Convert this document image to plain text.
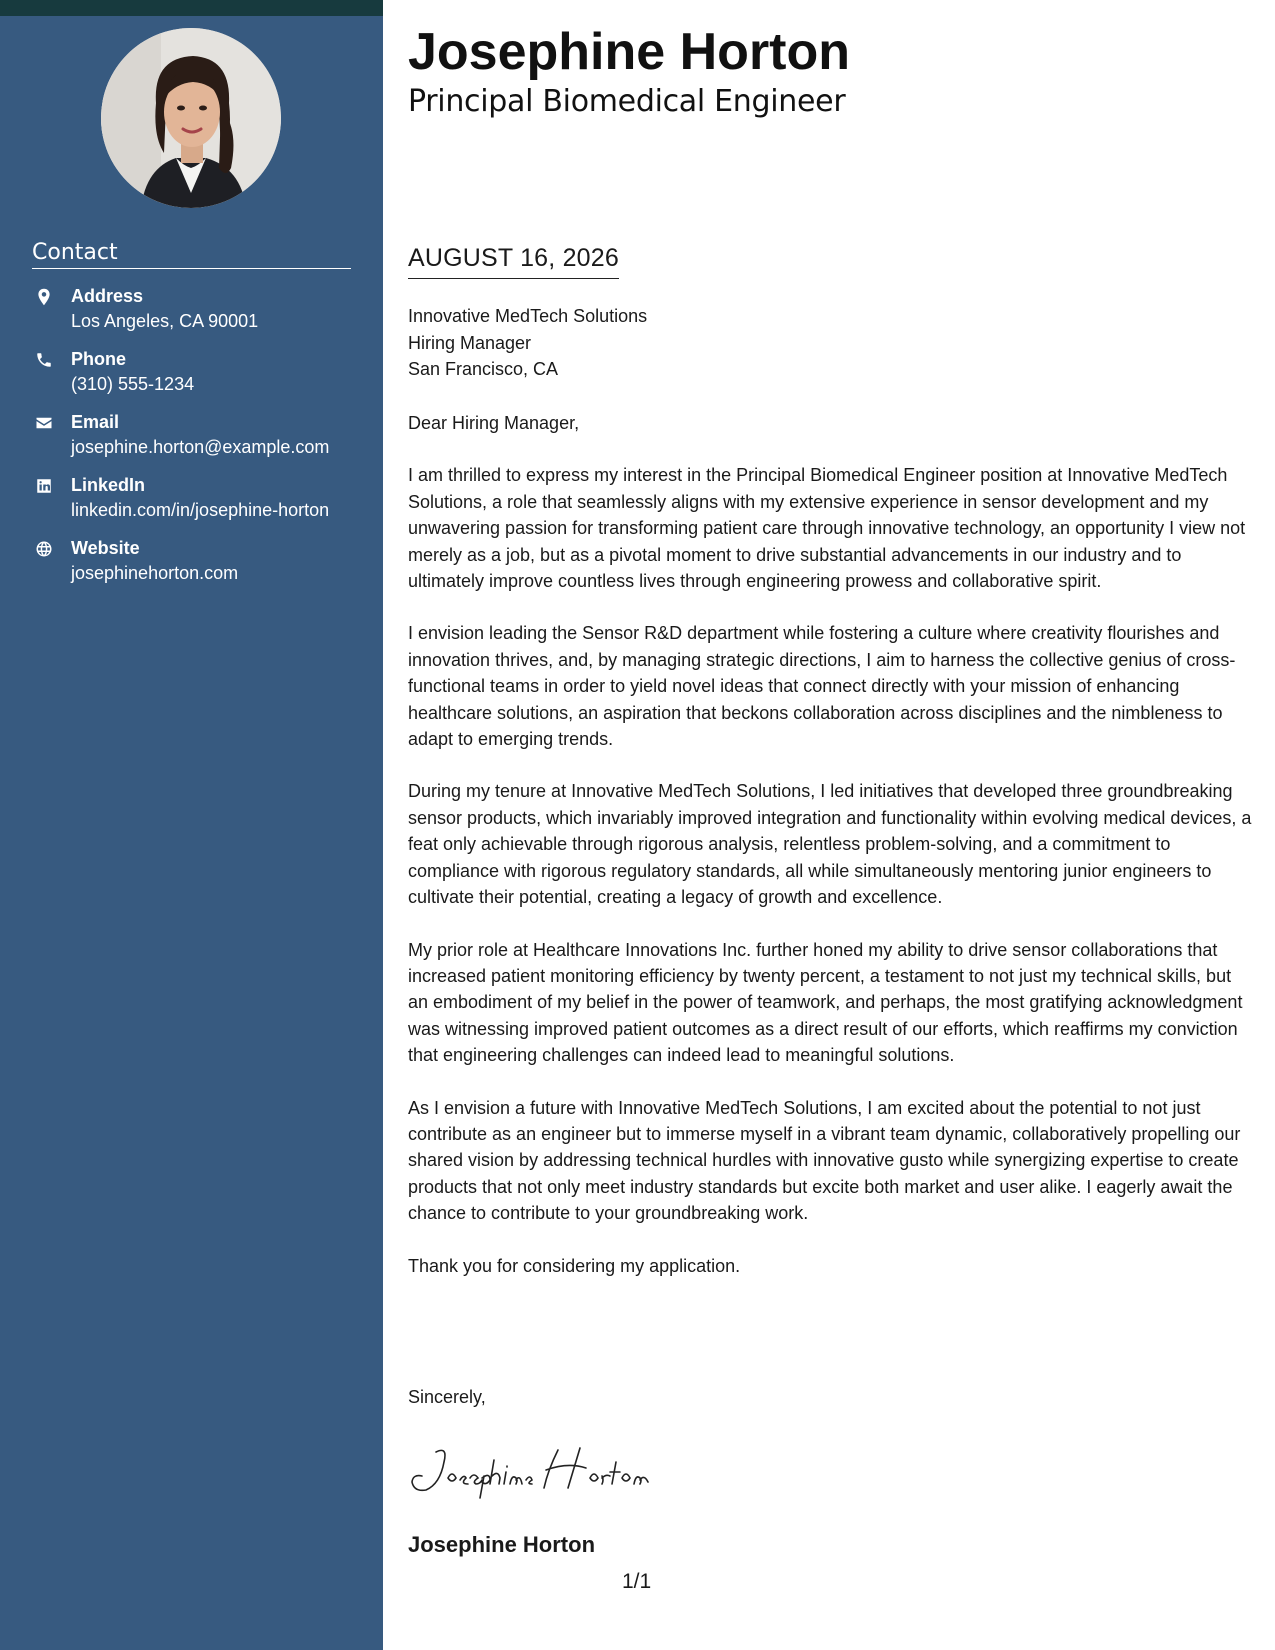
Contact
Address
Los Angeles, CA 90001
Phone
(310) 555-1234
Email
josephine.horton@example.com
LinkedIn
linkedin.com/in/josephine-horton
Website
josephinehorton.com
Josephine Horton
Principal Biomedical Engineer
AUGUST 16, 2026
Innovative MedTech Solutions
Hiring Manager
San Francisco, CA

Dear Hiring Manager,

I am thrilled to express my interest in the Principal Biomedical Engineer position at Innovative MedTech Solutions, a role that seamlessly aligns with my extensive experience in sensor development and my unwavering passion for transforming patient care through innovative technology, an opportunity I view not merely as a job, but as a pivotal moment to drive substantial advancements in our industry and to ultimately improve countless lives through engineering prowess and collaborative spirit.

I envision leading the Sensor R&D department while fostering a culture where creativity flourishes and innovation thrives, and, by managing strategic directions, I aim to harness the collective genius of cross-functional teams in order to yield novel ideas that connect directly with your mission of enhancing healthcare solutions, an aspiration that beckons collaboration across disciplines and the nimbleness to adapt to emerging trends.

During my tenure at Innovative MedTech Solutions, I led initiatives that developed three groundbreaking sensor products, which invariably improved integration and functionality within evolving medical devices, a feat only achievable through rigorous analysis, relentless problem-solving, and a commitment to compliance with rigorous regulatory standards, all while simultaneously mentoring junior engineers to cultivate their potential, creating a legacy of growth and excellence.

My prior role at Healthcare Innovations Inc. further honed my ability to drive sensor collaborations that increased patient monitoring efficiency by twenty percent, a testament to not just my technical skills, but an embodiment of my belief in the power of teamwork, and perhaps, the most gratifying acknowledgment was witnessing improved patient outcomes as a direct result of our efforts, which reaffirms my conviction that engineering challenges can indeed lead to meaningful solutions.

As I envision a future with Innovative MedTech Solutions, I am excited about the potential to not just contribute as an engineer but to immerse myself in a vibrant team dynamic, collaboratively propelling our shared vision by addressing technical hurdles with innovative gusto while synergizing expertise to create products that not only meet industry standards but excite both market and user alike. I eagerly await the chance to contribute to your groundbreaking work.

Thank you for considering my application.

Sincerely,
Josephine Horton
1/1
